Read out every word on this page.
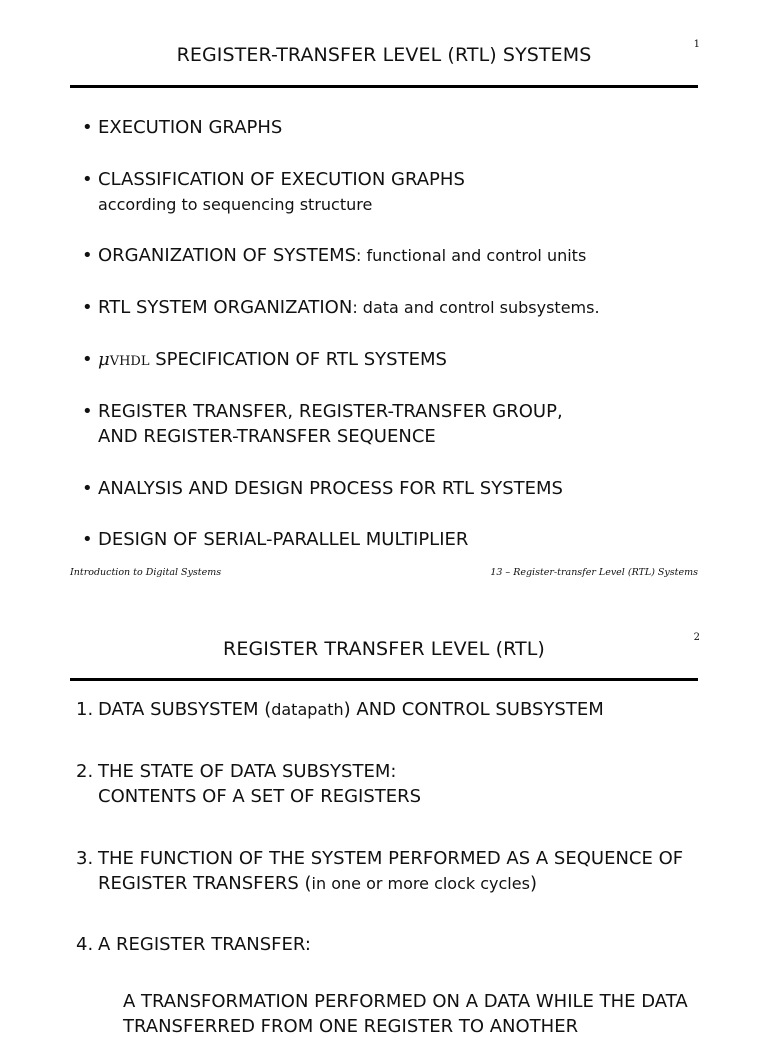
REGISTER-TRANSFER LEVEL (RTL) SYSTEMS	1
• EXECUTION GRAPHS
• CLASSIFICATION OF EXECUTION GRAPHS
according to sequencing structure
• ORGANIZATION OF SYSTEMS: functional and control units
• RTL SYSTEM ORGANIZATION: data and control subsystems.
• μVHDL SPECIFICATION OF RTL SYSTEMS
• REGISTER TRANSFER, REGISTER-TRANSFER GROUP,
AND REGISTER-TRANSFER SEQUENCE
• ANALYSIS AND DESIGN PROCESS FOR RTL SYSTEMS
• DESIGN OF SERIAL-PARALLEL MULTIPLIER
Introduction to Digital Systems	13 – Register-transfer Level (RTL) Systems
REGISTER TRANSFER LEVEL (RTL)
2
1. DATA SUBSYSTEM (datapath) AND CONTROL SUBSYSTEM
2. THE STATE OF DATA SUBSYSTEM:
CONTENTS OF A SET OF REGISTERS
3. THE FUNCTION OF THE SYSTEM PERFORMED AS A SEQUENCE OF
REGISTER TRANSFERS (in one or more clock cycles)
4. A REGISTER TRANSFER:
A TRANSFORMATION PERFORMED ON A DATA WHILE THE DATA
TRANSFERRED FROM ONE REGISTER TO ANOTHER
